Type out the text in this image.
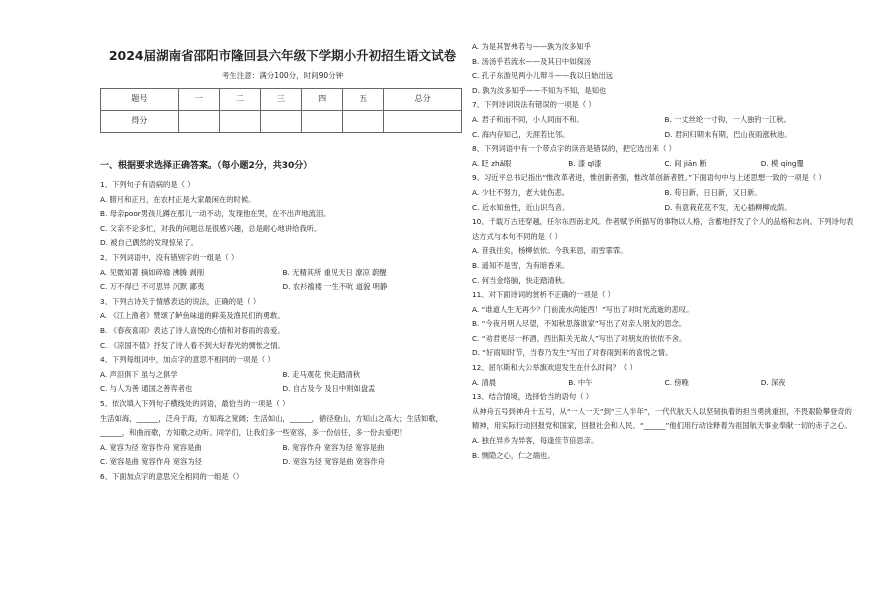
2024届湖南省邵阳市隆回县六年级下学期小升初招生语文试卷
考生注意：满分100分，时间90分钟
题号	一	二	三	四	五	总分
得分						
一、根据要求选择正确答案。（每小题2分，共30分）
1、下列句子有语病的是（ ）
A. 腊月和正月，在农村正是大家最闲在的时候。
B. 母亲poor男孩儿蹲在那儿一动不动，发现他在哭，在不出声地流泪。
C. 父亲不论多忙，对我的问题总是很感兴趣，总是耐心地讲给我听。
D. 被自己偶然的发现惊呆了。
2、下列词语中，没有错别字的一组是（ ）
A. 见微知著 摘如碎瑜 沸腾 剥削	B. 无精其所 重见天日 潦凉 蔚醒
C. 万不得已 不可思异 沉默 鄙夷	D. 农衫褴褛 一生不吭 道貌 明静
3、下列古诗关于情感表达的说法，正确的是（ ）
A. 《江上渔者》赞颂了鲈鱼味道的鲜美及渔民们的勇敢。
B. 《春夜喜雨》表达了诗人喜悦的心情和对春雨的喜爱。
C. 《凉国不值》抒发了诗人看不到大好春光的惆怅之情。
4、下列每组词中，加点字的意思不相同的一项是（ ）
A. 声泪俱下 虽与之俱学	B. 走马观花 快走踏清秋
C. 与人为善 通国之善弈者也	D. 自古及今 及日中则如盘盂
5、依次填入下列句子横线处的词语，最恰当的一项是（ ）
生活如海，______，泛舟于海，方知海之宽阔；生活如山，______，循径登山，方知山之高大；生活如歌，______，和曲而歌，方知歌之动听。同学们，让我们多一些宽容，多一份信任，多一份去爱吧！
A. 宽容为径 宽容作舟 宽容是曲	B. 宽容作舟 宽容为径 宽容是曲
C. 宽容是曲 宽容作舟 宽容为径	D. 宽容为径 宽容是曲 宽容作舟
6、下面加点字的意思完全相同的一组是（）
A. 为是其智弗若与——孰为汝多知乎
B. 汤汤乎若流水——及其日中如探汤
C. 孔子东游见两小儿辩斗——我以日始出远
D. 孰为汝多知乎——不知为不知，是知也
7、下列诗词说法有错误的一项是（ ）
A. 君子和而不同，小人同而不和。	B. 一丈丝纶一寸钩，一人独钓一江秋。
C. 海内存知己，天涯若比邻。	D. 君问归期未有期，巴山夜雨涨秋池。
8、下列词语中有一个带点字的读音是错误的，把它选出来（ ）
A. 眨 zhǎ眼	B. 漆 qī漆	C. 间 jiān 断	D. 模 qíng覆
9、习近平总书记指出“惟改革者进，惟创新者强，惟改革创新者胜。”下面语句中与上述思想一致的一项是（ ）
A. 少壮不努力，老大徒伤悲。	B. 苟日新，日日新，又日新。
C. 近水知鱼性，近山识鸟音。	D. 有意栽花花不发，无心插柳柳成荫。
10、千载万古还穿越，任尔东西南北风。作者赋予所描写的事物以人格，含蓄地抒发了个人的品格和志向。下列诗句表达方式与本句不同的是（ ）
A. 昔我往矣，杨柳依依。今我来思，雨雪霏霏。
B. 遥知不是雪，为有暗香来。
C. 何当金络脑，快走踏清秋。
11、对下面诗词的赏析不正确的一项是（ ）
A. “谁道人生无再少？门前流水尚能西！”写出了对时光流逝的悲叹。
B. “今夜月明人尽望，不知秋思落谁家”写出了对亲人朋友的思念。
C. “劝君更尽一杯酒，西出阳关无故人”写出了对朋友的依依不舍。
D. “好雨知时节，当春乃发生”写出了对春雨到来的喜悦之情。
12、屈尔斯和大公举旗欢迎发生在什么时间？（ ）
A. 清晨	B. 中午	C. 傍晚	D. 深夜
13、结合情境，选择恰当的语句（ ）
从神舟五号到神舟十五号，从“一人一天”到“三人半年”，一代代航天人以坚韧执着的担当勇挑重担，不畏艰险攀登奇的精神，用实际行动回报党和国家，回报社会和人民。“______”他们用行动诠释着为祖国航天事业奉献一切的赤子之心。
A. 独在异乡为异客，每逢佳节倍思亲。
B. 恻隐之心，仁之端也。
